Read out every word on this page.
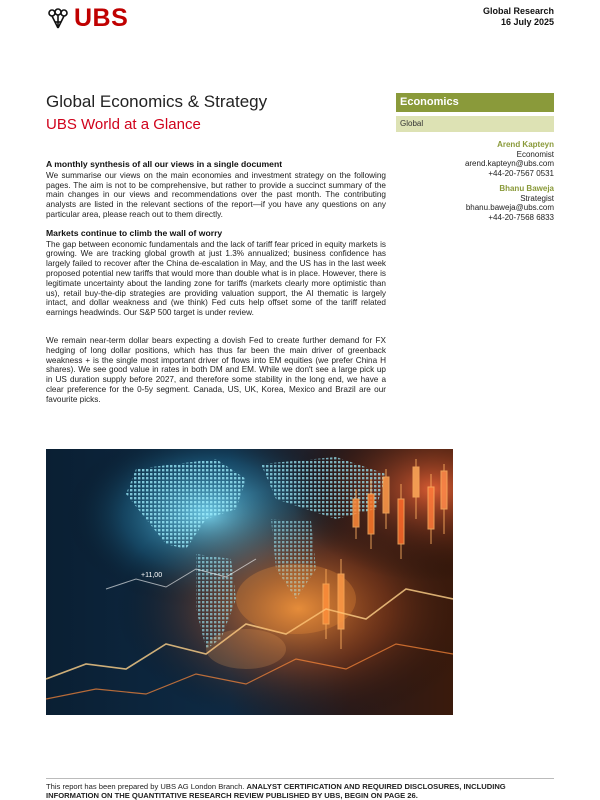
UBS	Global Research
16 July 2025
Global Economics & Strategy
UBS World at a Glance
Economics
Global
Arend Kapteyn
Economist
arend.kapteyn@ubs.com
+44-20-7567 0531
Bhanu Baweja
Strategist
bhanu.baweja@ubs.com
+44-20-7568 6833
A monthly synthesis of all our views in a single document

We summarise our views on the main economies and investment strategy on the following pages. The aim is not to be comprehensive, but rather to provide a succinct summary of the main changes in our views and recommendations over the past month. The contributing analysts are listed in the relevant sections of the report—if you have any questions on any particular area, please reach out to them directly.

Markets continue to climb the wall of worry

The gap between economic fundamentals and the lack of tariff fear priced in equity markets is growing. We are tracking global growth at just 1.3% annualized; business confidence has largely failed to recover after the China de-escalation in May, and the US has in the last week proposed potential new tariffs that would more than double what is in place. However, there is legitimate uncertainty about the landing zone for tariffs (markets clearly more optimistic than us), retail buy-the-dip strategies are providing valuation support, the AI thematic is largely intact, and dollar weakness and (we think) Fed cuts help offset some of the tariff related earnings headwinds. Our S&P 500 target is under review.

We remain near-term dollar bears expecting a dovish Fed to create further demand for FX hedging of long dollar positions, which has thus far been the main driver of greenback weakness + is the single most important driver of flows into EM equities (we prefer China H shares). We see good value in rates in both DM and EM. While we don't see a large pick up in US duration supply before 2027, and therefore some stability in the long end, we have a clear preference for the 0-5y segment. Canada, US, UK, Korea, Mexico and Brazil are our favourite picks.

+11,00
This report has been prepared by UBS AG London Branch. ANALYST CERTIFICATION AND REQUIRED DISCLOSURES, INCLUDING INFORMATION ON THE QUANTITATIVE RESEARCH REVIEW PUBLISHED BY UBS, BEGIN ON PAGE 26.
